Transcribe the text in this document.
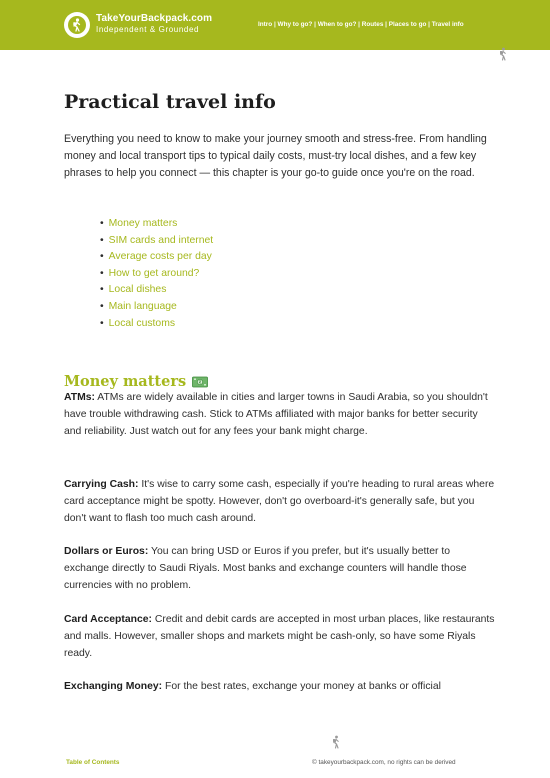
TakeYourBackpack.com
Independent & Grounded
Intro | Why to go? | When to go? | Routes | Places to go | Travel info
Practical travel info

Everything you need to know to make your journey smooth and stress-free. From handling money and local transport tips to typical daily costs, must-try local dishes, and a few key phrases to help you connect — this chapter is your go-to guide once you're on the road.

• Money matters
• SIM cards and internet
• Average costs per day
• How to get around?
• Local dishes
• Main language
• Local customs
Money matters

ATMs: ATMs are widely available in cities and larger towns in Saudi Arabia, so you shouldn't have trouble withdrawing cash. Stick to ATMs affiliated with major banks for better security and reliability. Just watch out for any fees your bank might charge.

Carrying Cash: It's wise to carry some cash, especially if you're heading to rural areas where card acceptance might be spotty. However, don't go overboard-it's generally safe, but you don't want to flash too much cash around.

Dollars or Euros: You can bring USD or Euros if you prefer, but it's usually better to exchange directly to Saudi Riyals. Most banks and exchange counters will handle those currencies with no problem.

Card Acceptance: Credit and debit cards are accepted in most urban places, like restaurants and malls. However, smaller shops and markets might be cash-only, so have some Riyals ready.

Exchanging Money: For the best rates, exchange your money at banks or official

Table of Contents	© takeyourbackpack.com, no rights can be derived
